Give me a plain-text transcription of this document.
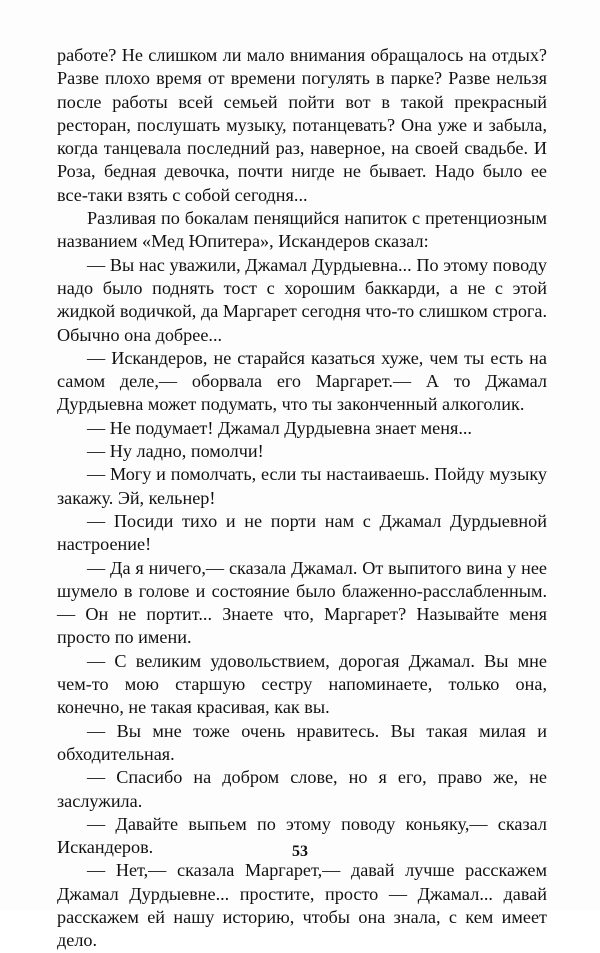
работе? Не слишком ли мало внимания обращалось на отдых? Разве плохо время от времени погулять в парке? Разве нельзя после работы всей семьей пойти вот в такой прекрасный ресторан, послушать музыку, потанцевать? Она уже и забыла, когда танцевала последний раз, наверное, на своей свадьбе. И Роза, бедная девочка, почти нигде не бывает. Надо было ее все-таки взять с собой сегодня...

Разливая по бокалам пенящийся напиток с претенциозным названием «Мед Юпитера», Искандеров сказал:

— Вы нас уважили, Джамал Дурдыевна... По этому поводу надо было поднять тост с хорошим баккарди, а не с этой жидкой водичкой, да Маргарет сегодня что-то слишком строга. Обычно она добрее...

— Искандеров, не старайся казаться хуже, чем ты есть на самом деле,— оборвала его Маргарет.— А то Джамал Дурдыевна может подумать, что ты законченный алкоголик.

— Не подумает! Джамал Дурдыевна знает меня...

— Ну ладно, помолчи!

— Могу и помолчать, если ты настаиваешь. Пойду музыку закажу. Эй, кельнер!

— Посиди тихо и не порти нам с Джамал Дурдыевной настроение!

— Да я ничего,— сказала Джамал. От выпитого вина у нее шумело в голове и состояние было блаженно-расслабленным.— Он не портит... Знаете что, Маргарет? Называйте меня просто по имени.

— С великим удовольствием, дорогая Джамал. Вы мне чем-то мою старшую сестру напоминаете, только она, конечно, не такая красивая, как вы.

— Вы мне тоже очень нравитесь. Вы такая милая и обходительная.

— Спасибо на добром слове, но я его, право же, не заслужила.

— Давайте выпьем по этому поводу коньяку,— сказал Искандеров.

— Нет,— сказала Маргарет,— давай лучше расскажем Джамал Дурдыевне... простите, просто — Джамал... давай расскажем ей нашу историю, чтобы она знала, с кем имеет дело.

53
